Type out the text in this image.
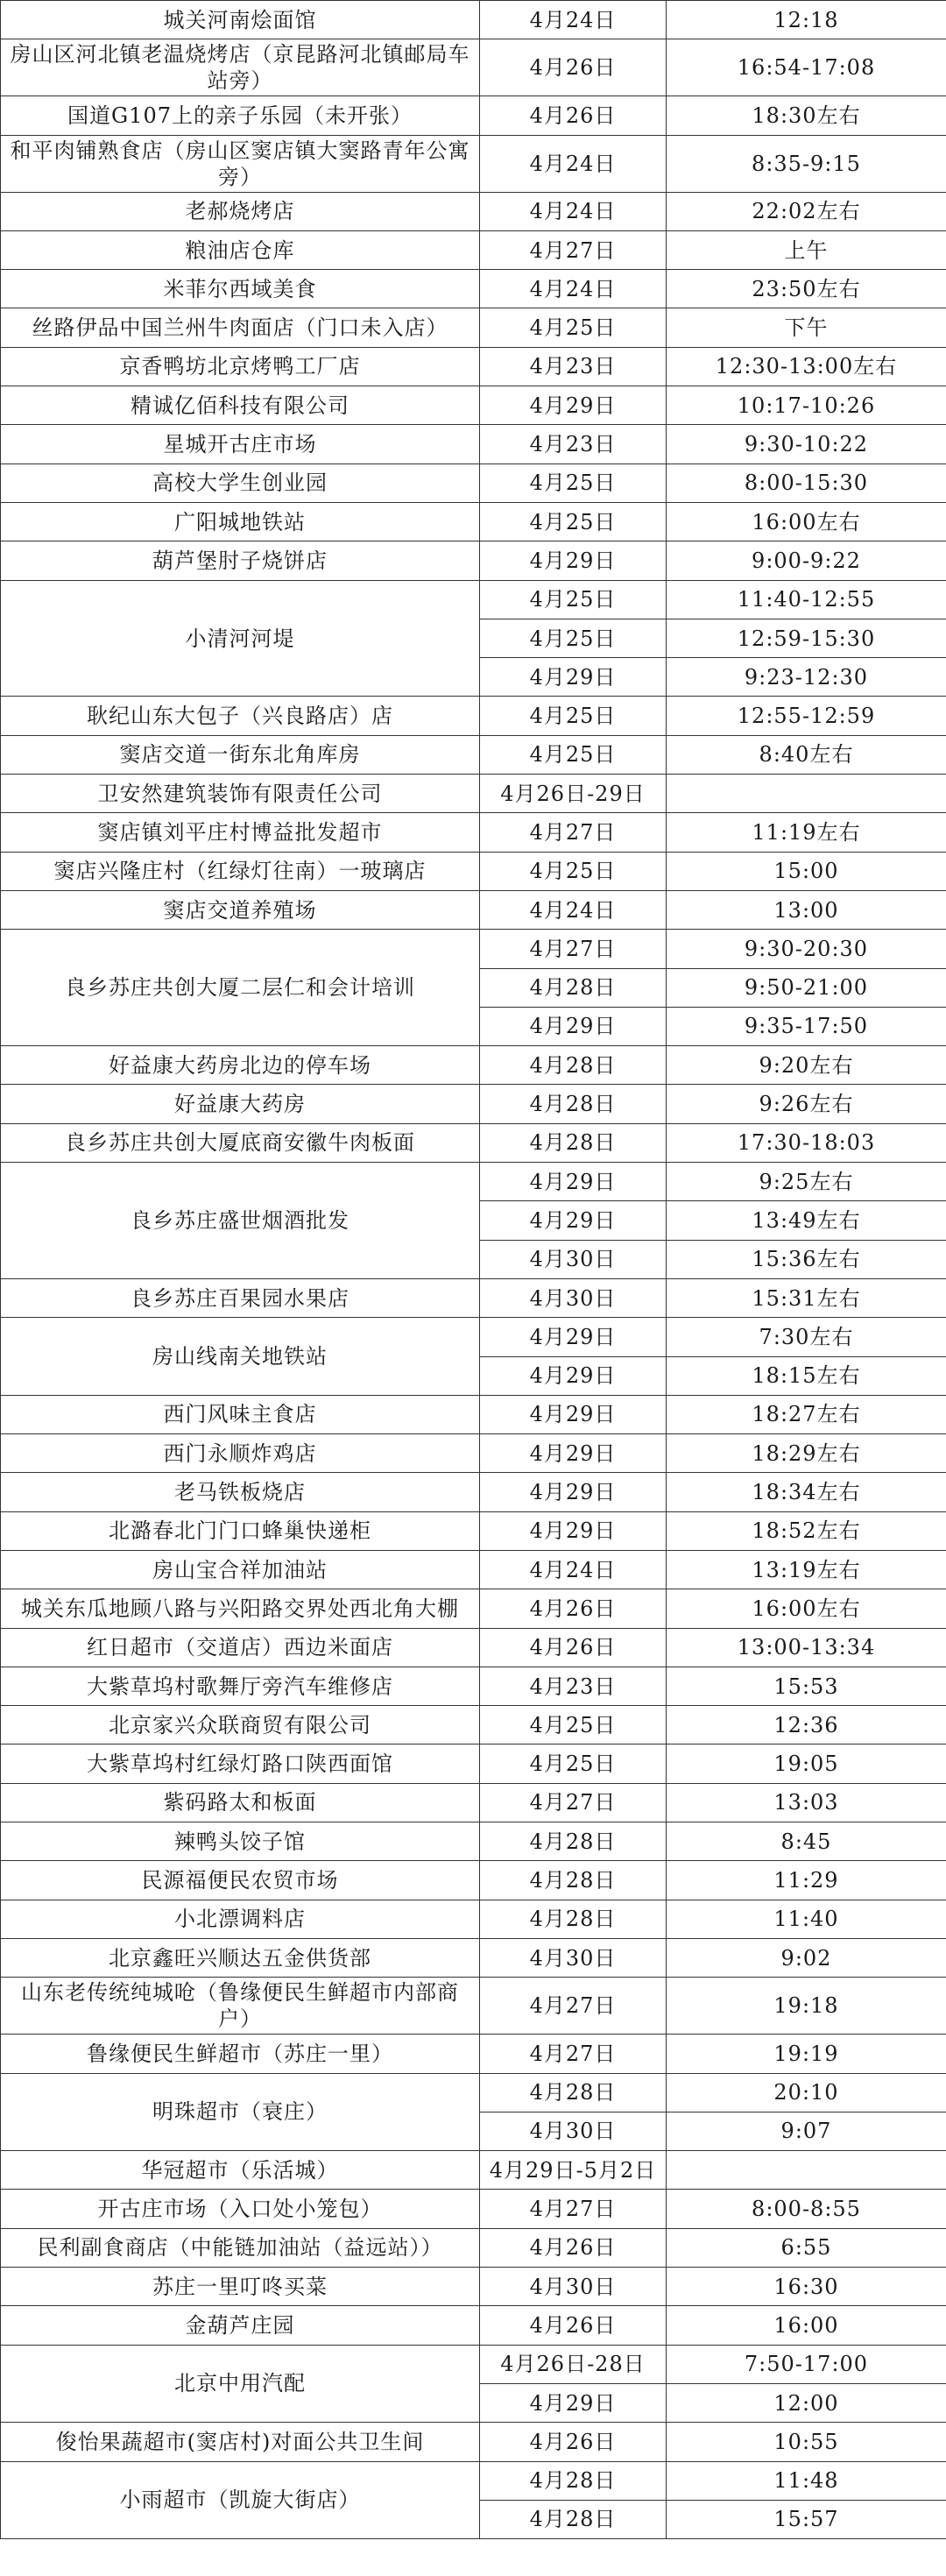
城关河南烩面馆	4月24日	12:18
房山区河北镇老温烧烤店（京昆路河北镇邮局车站旁）	4月26日	16:54-17:08
国道G107上的亲子乐园（未开张）	4月26日	18:30左右
和平肉铺熟食店（房山区窦店镇大窦路青年公寓旁）	4月24日	8:35-9:15
老郝烧烤店	4月24日	22:02左右
粮油店仓库	4月27日	上午
米菲尔西域美食	4月24日	23:50左右
丝路伊品中国兰州牛肉面店（门口未入店）	4月25日	下午
京香鸭坊北京烤鸭工厂店	4月23日	12:30-13:00左右
精诚亿佰科技有限公司	4月29日	10:17-10:26
星城开古庄市场	4月23日	9:30-10:22
高校大学生创业园	4月25日	8:00-15:30
广阳城地铁站	4月25日	16:00左右
葫芦堡肘子烧饼店	4月29日	9:00-9:22
小清河河堤	4月25日	11:40-12:55
	4月25日	12:59-15:30
	4月29日	9:23-12:30
耿纪山东大包子（兴良路店）店	4月25日	12:55-12:59
窦店交道一街东北角库房	4月25日	8:40左右
卫安然建筑装饰有限责任公司	4月26日-29日	
窦店镇刘平庄村博益批发超市	4月27日	11:19左右
窦店兴隆庄村（红绿灯往南）一玻璃店	4月25日	15:00
窦店交道养殖场	4月24日	13:00
良乡苏庄共创大厦二层仁和会计培训	4月27日	9:30-20:30
	4月28日	9:50-21:00
	4月29日	9:35-17:50
好益康大药房北边的停车场	4月28日	9:20左右
好益康大药房	4月28日	9:26左右
良乡苏庄共创大厦底商安徽牛肉板面	4月28日	17:30-18:03
良乡苏庄盛世烟酒批发	4月29日	9:25左右
	4月29日	13:49左右
	4月30日	15:36左右
良乡苏庄百果园水果店	4月30日	15:31左右
房山线南关地铁站	4月29日	7:30左右
	4月29日	18:15左右
西门风味主食店	4月29日	18:27左右
西门永顺炸鸡店	4月29日	18:29左右
老马铁板烧店	4月29日	18:34左右
北潞春北门门口蜂巢快递柜	4月29日	18:52左右
房山宝合祥加油站	4月24日	13:19左右
城关东瓜地顾八路与兴阳路交界处西北角大棚	4月26日	16:00左右
红日超市（交道店）西边米面店	4月26日	13:00-13:34
大紫草坞村歌舞厅旁汽车维修店	4月23日	15:53
北京家兴众联商贸有限公司	4月25日	12:36
大紫草坞村红绿灯路口陕西面馆	4月25日	19:05
紫码路太和板面	4月27日	13:03
辣鸭头饺子馆	4月28日	8:45
民源福便民农贸市场	4月28日	11:29
小北漂调料店	4月28日	11:40
北京鑫旺兴顺达五金供货部	4月30日	9:02
山东老传统纯城呛（鲁缘便民生鲜超市内部商户）	4月27日	19:18
鲁缘便民生鲜超市（苏庄一里）	4月27日	19:19
明珠超市（衰庄）	4月28日	20:10
	4月30日	9:07
华冠超市（乐活城）	4月29日-5月2日	
开古庄市场（入口处小笼包）	4月27日	8:00-8:55
民利副食商店（中能链加油站（益远站））	4月26日	6:55
苏庄一里叮咚买菜	4月30日	16:30
金葫芦庄园	4月26日	16:00
北京中用汽配	4月26日-28日	7:50-17:00
	4月29日	12:00
俊怡果蔬超市(窦店村)对面公共卫生间	4月26日	10:55
小雨超市（凯旋大街店）	4月28日	11:48
	4月28日	15:57
